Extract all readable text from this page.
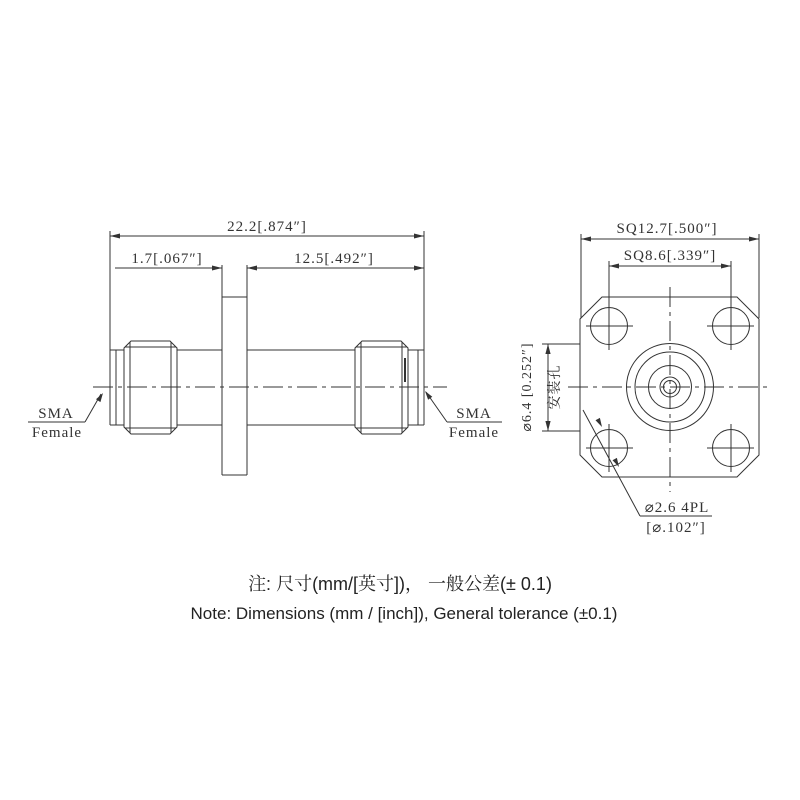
22.2[.874″]
1.7[.067″]	12.5[.492″]
SMA
Female
SMA
Female
SQ12.7[.500″]
SQ8.6[.339″]
⌀6.4 [0.252″] 安装孔
⌀2.6 4PL
[⌀.102″]
注: 尺寸(mm/[英寸])， 一般公差(± 0.1)
Note: Dimensions (mm / [inch]), General tolerance (±0.1)
